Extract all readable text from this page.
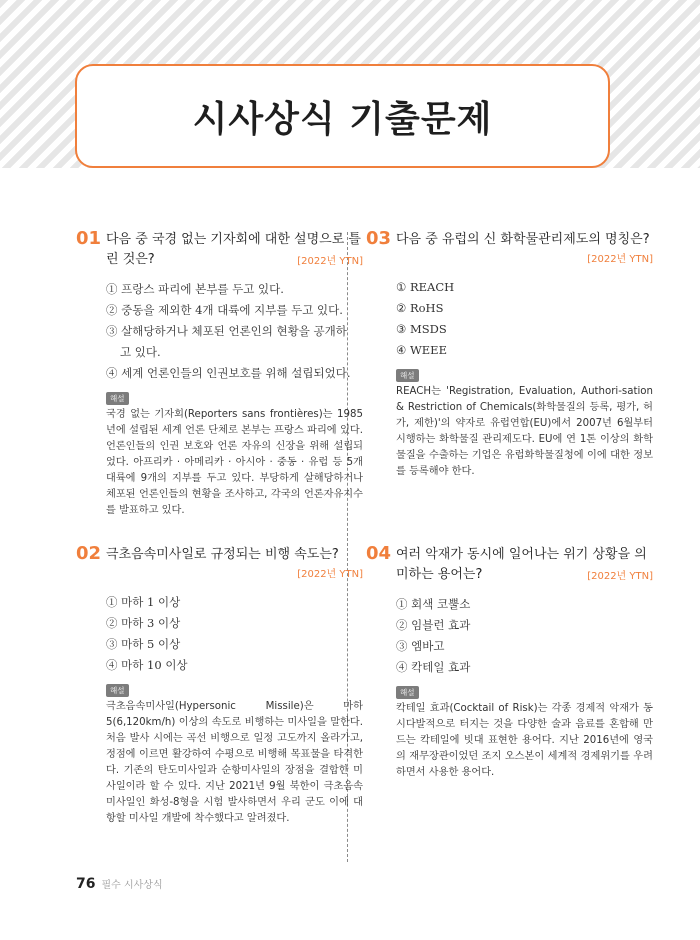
시사상식 기출문제
01 다음 중 국경 없는 기자회에 대한 설명으로 틀
린 것은?	[2022년 YTN]
① 프랑스 파리에 본부를 두고 있다.
② 중동을 제외한 4개 대륙에 지부를 두고 있다.
③ 살해당하거나 체포된 언론인의 현황을 공개하
고 있다.
④ 세계 언론인들의 인권보호를 위해 설립되었다.
해설

국경 없는 기자회(Reporters sans frontières)는 1985년에 설립된 세계 언론 단체로 본부는 프랑스 파리에 있다. 언론인들의 인권 보호와 언론 자유의 신장을 위해 설립되었다. 아프리카 · 아메리카 · 아시아 · 중동 · 유럽 등 5개 대륙에 9개의 지부를 두고 있다. 부당하게 살해당하거나 체포된 언론인들의 현황을 조사하고, 각국의 언론자유지수를 발표하고 있다.

02 극초음속미사일로 규정되는 비행 속도는?

[2022년 YTN]
① 마하 1 이상
② 마하 3 이상
③ 마하 5 이상
④ 마하 10 이상
해설

극초음속미사일(Hypersonic Missile)은 마하 5(6,120km/h) 이상의 속도로 비행하는 미사일을 말한다. 처음 발사 시에는 곡선 비행으로 일정 고도까지 올라가고, 정점에 이르면 활강하여 수평으로 비행해 목표물을 타격한다. 기존의 탄도미사일과 순항미사일의 장점을 결합한 미사일이라 할 수 있다. 지난 2021년 9월 북한이 극초음속미사일인 화성-8형을 시험 발사하면서 우리 군도 이에 대항할 미사일 개발에 착수했다고 알려졌다.

03 다음 중 유럽의 신 화학물관리제도의 명칭은?

[2022년 YTN]
① REACH
② RoHS
③ MSDS
④ WEEE
해설

REACH는 'Registration, Evaluation, Authori-sation & Restriction of Chemicals(화학물질의 등록, 평가, 허가, 제한)'의 약자로 유럽연합(EU)에서 2007년 6월부터 시행하는 화학물질 관리제도다. EU에 연 1톤 이상의 화학물질을 수출하는 기업은 유럽화학물질청에 이에 대한 정보를 등록해야 한다.

04 여러 악재가 동시에 일어나는 위기 상황을 의
미하는 용어는?	[2022년 YTN]
① 회색 코뿔소
② 임블런 효과
③ 엠바고
④ 칵테일 효과
해설

칵테일 효과(Cocktail of Risk)는 각종 경제적 악재가 동시다발적으로 터지는 것을 다양한 술과 음료를 혼합해 만드는 칵테일에 빗대 표현한 용어다. 지난 2016년에 영국의 재무장관이었던 조지 오스본이 세계적 경제위기를 우려하면서 사용한 용어다.

76 필수 시사상식
